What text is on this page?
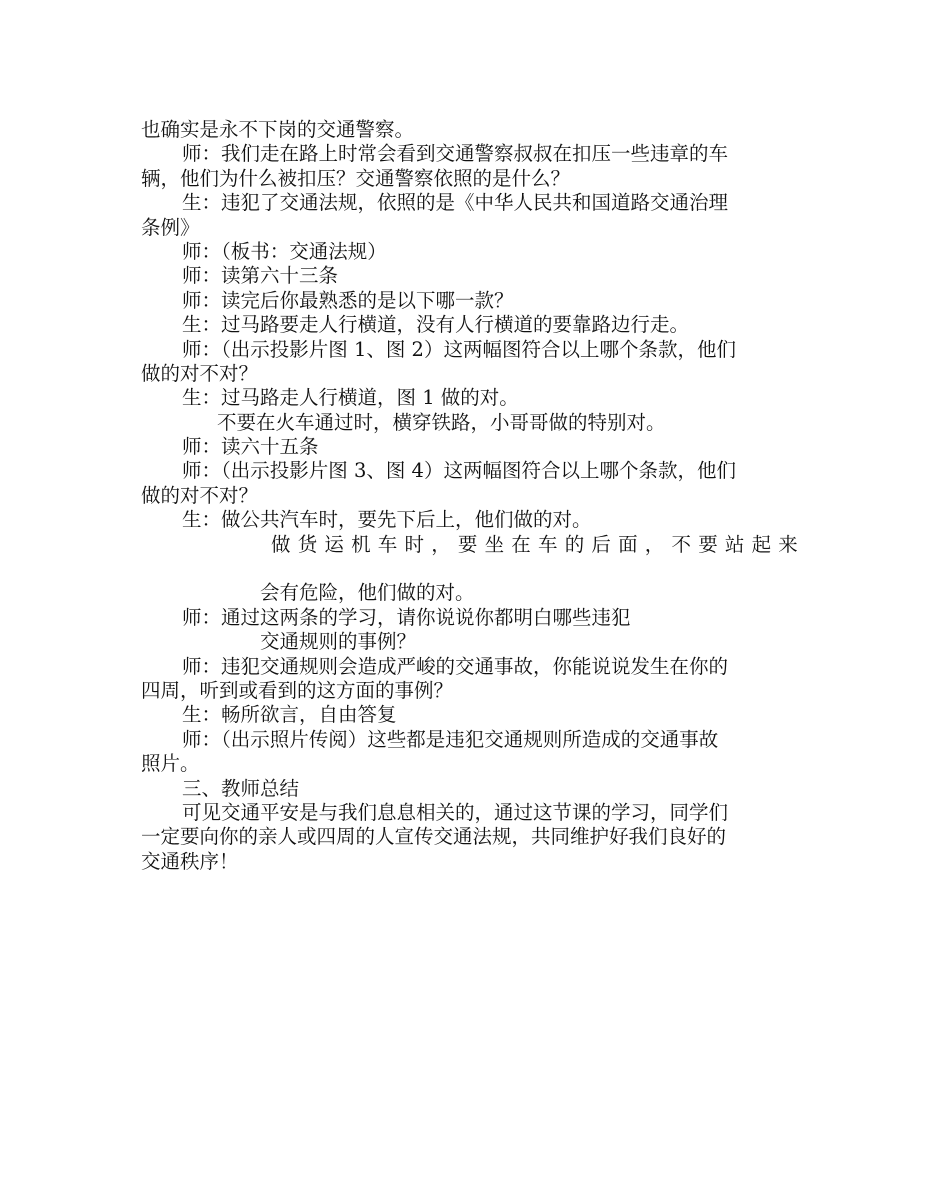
也确实是永不下岗的交通警察。
师：我们走在路上时常会看到交通警察叔叔在扣压一些违章的车
辆，他们为什么被扣压？交通警察依照的是什么？
生：违犯了交通法规，依照的是《中华人民共和国道路交通治理
条例》
师：（板书：交通法规）
师：读第六十三条
师：读完后你最熟悉的是以下哪一款？
生：过马路要走人行横道，没有人行横道的要靠路边行走。
师：（出示投影片图 1、图 2）这两幅图符合以上哪个条款，他们
做的对不对？
生：过马路走人行横道，图 1 做的对。
不要在火车通过时，横穿铁路，小哥哥做的特别对。
师：读六十五条
师：（出示投影片图 3、图 4）这两幅图符合以上哪个条款，他们
做的对不对？
生：做公共汽车时，要先下后上，他们做的对。
做货运机车时，要坐在车的后面，不要站起来
会有危险，他们做的对。
师：通过这两条的学习，请你说说你都明白哪些违犯
交通规则的事例？
师：违犯交通规则会造成严峻的交通事故，你能说说发生在你的
四周，听到或看到的这方面的事例？
生：畅所欲言，自由答复
师：（出示照片传阅）这些都是违犯交通规则所造成的交通事故
照片。
三、教师总结
可见交通平安是与我们息息相关的，通过这节课的学习，同学们
一定要向你的亲人或四周的人宣传交通法规，共同维护好我们良好的
交通秩序！
